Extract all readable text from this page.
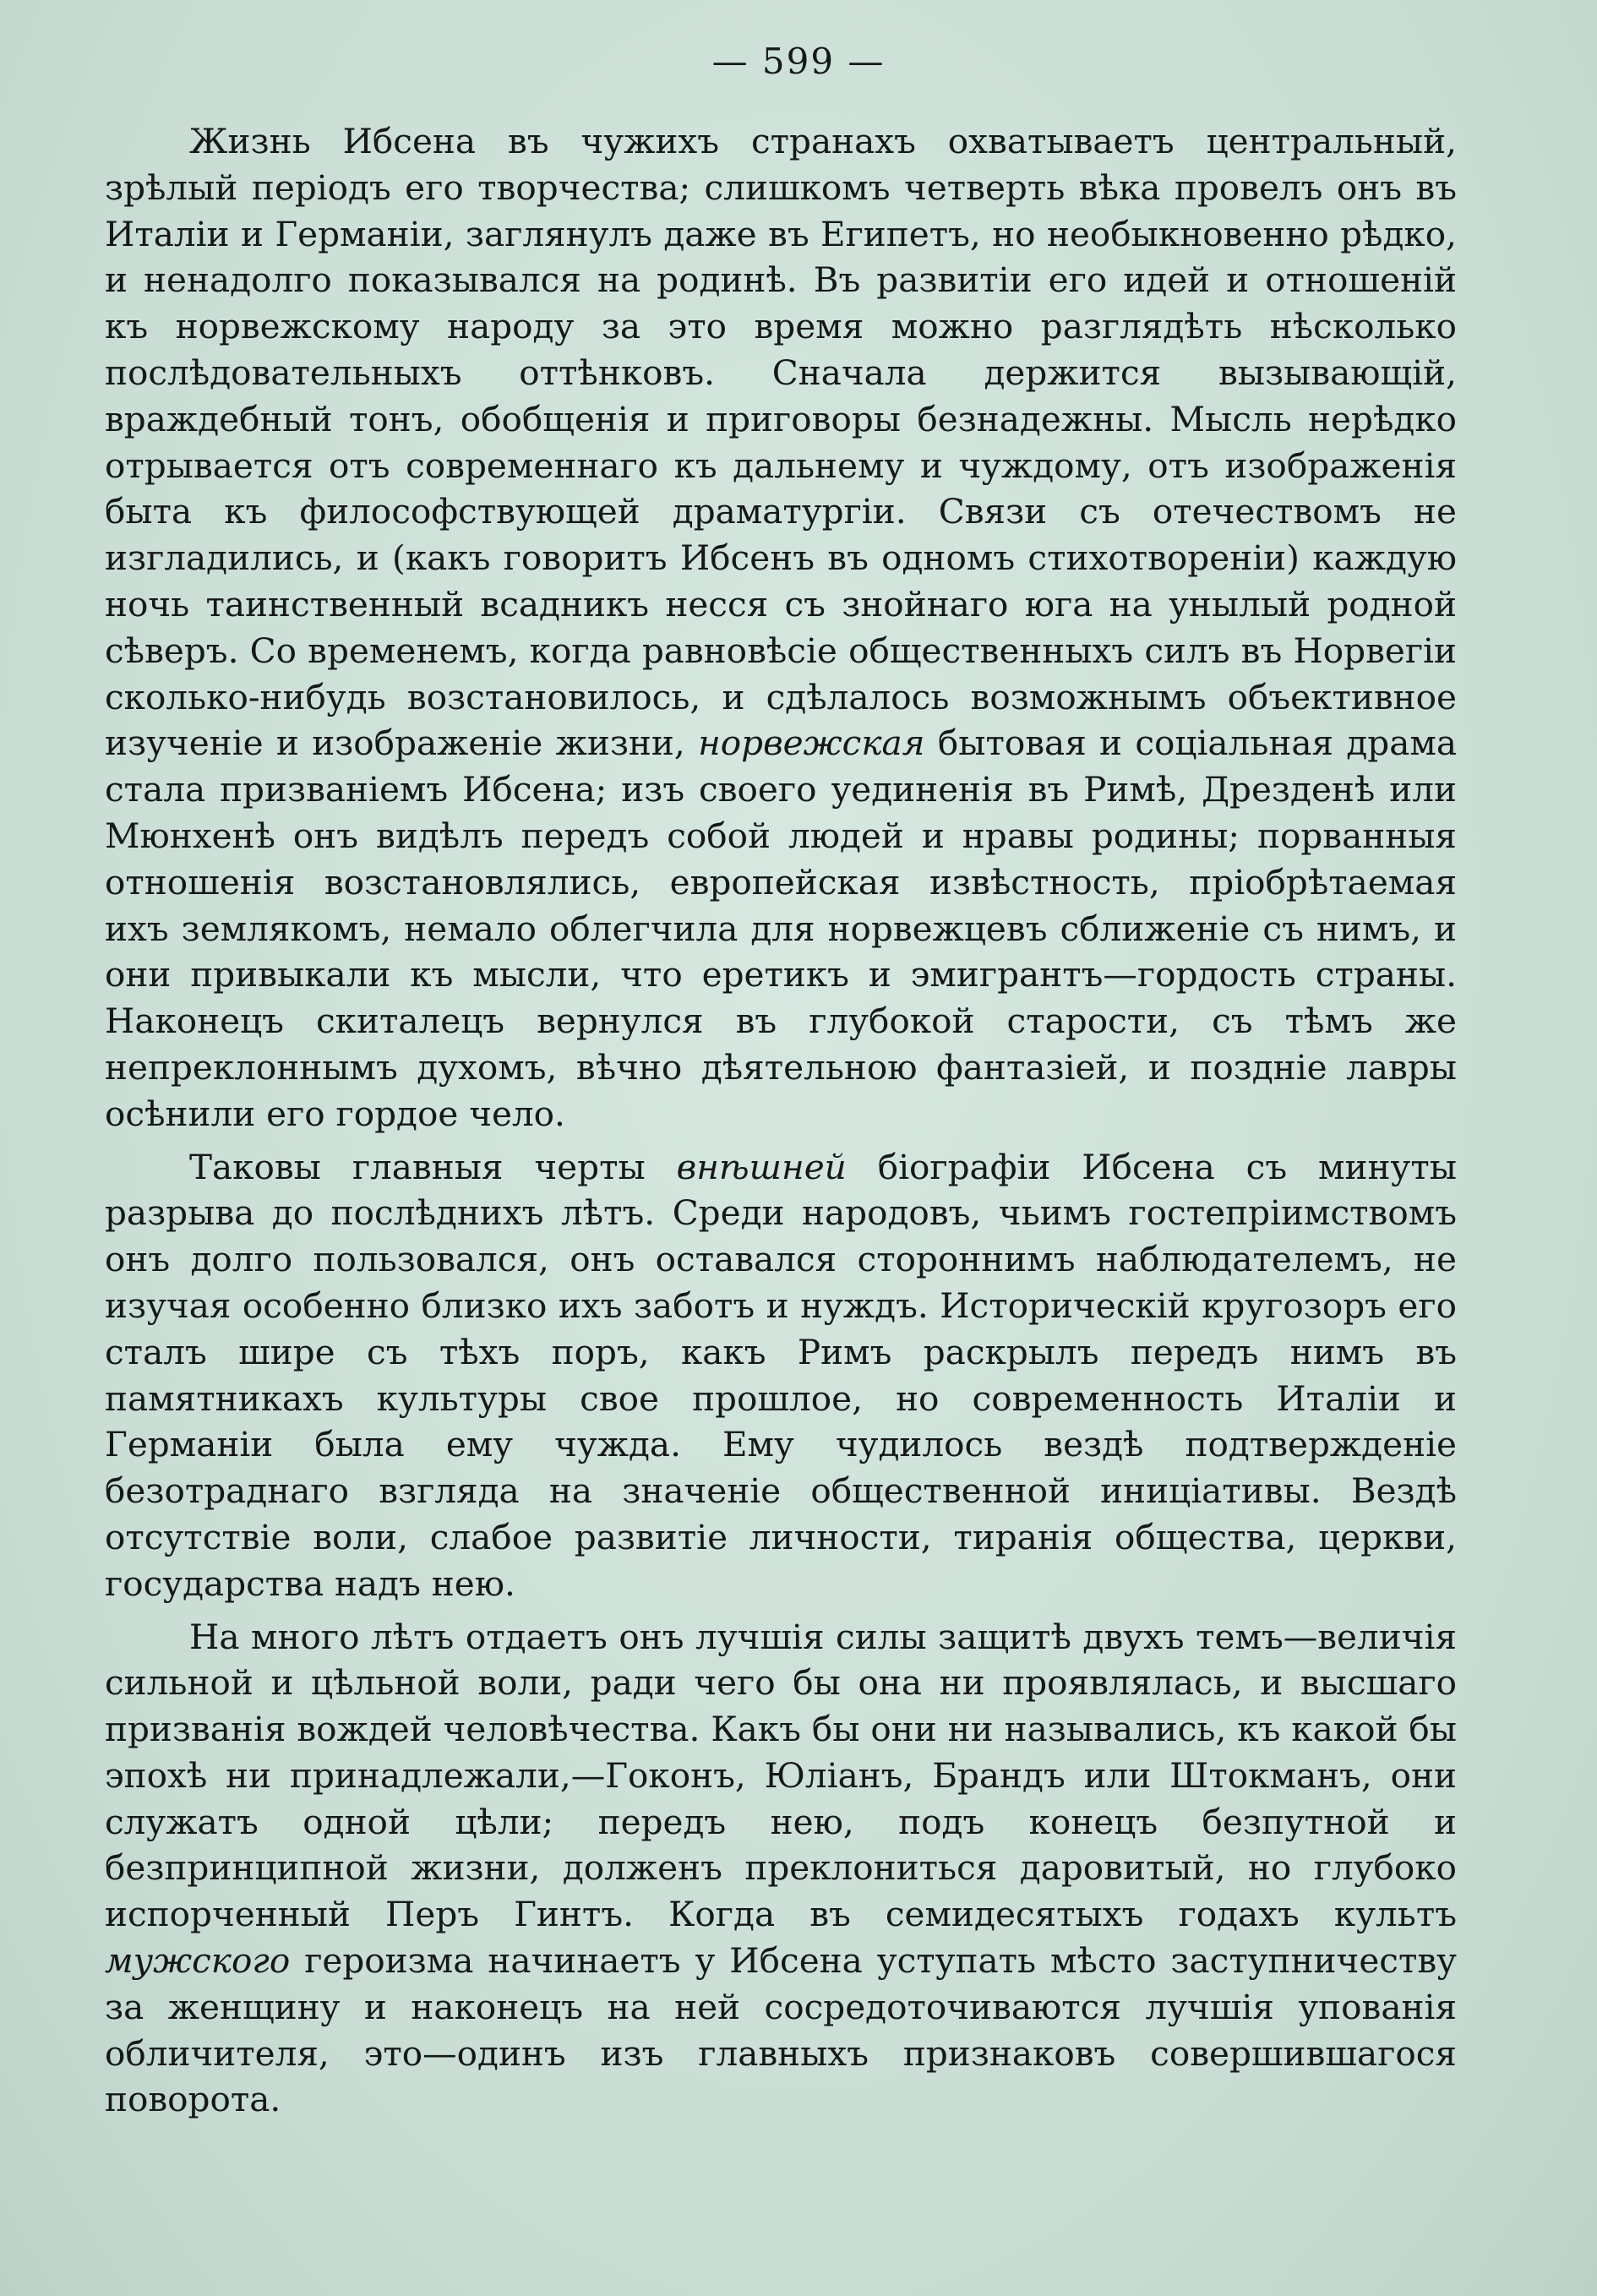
— 599 —

Жизнь Ибсена въ чужихъ странахъ охватываетъ центральный, зрѣлый періодъ его творчества; слишкомъ четверть вѣка провелъ онъ въ Италіи и Германіи, заглянулъ даже въ Египетъ, но необыкновенно рѣдко, и ненадолго показывался на родинѣ. Въ развитіи его идей и отношеній къ норвежскому народу за это время можно разглядѣть нѣсколько послѣдовательныхъ оттѣнковъ. Сначала держится вызывающій, враждебный тонъ, обобщенія и приговоры безнадежны. Мысль нерѣдко отрывается отъ современнаго къ дальнему и чуждому, отъ изображенія быта къ философствующей драматургіи. Связи съ отечествомъ не изгладились, и (какъ говоритъ Ибсенъ въ одномъ стихотвореніи) каждую ночь таинственный всадникъ несся съ знойнаго юга на унылый родной сѣверъ. Со временемъ, когда равновѣсіе общественныхъ силъ въ Норвегіи сколько-нибудь возстановилось, и сдѣлалось возможнымъ объективное изученіе и изображеніе жизни, норвежская бытовая и соціальная драма стала призваніемъ Ибсена; изъ своего уединенія въ Римѣ, Дрезденѣ или Мюнхенѣ онъ видѣлъ передъ собой людей и нравы родины; порванныя отношенія возстановлялись, европейская извѣстность, пріобрѣтаемая ихъ землякомъ, немало облегчила для норвежцевъ сближеніе съ нимъ, и они привыкали къ мысли, что еретикъ и эмигрантъ—гордость страны. Наконецъ скиталецъ вернулся въ глубокой старости, съ тѣмъ же непреклоннымъ духомъ, вѣчно дѣятельною фантазіей, и поздніе лавры осѣнили его гордое чело.

Таковы главныя черты внѣшней біографіи Ибсена съ минуты разрыва до послѣднихъ лѣтъ. Среди народовъ, чьимъ гостепріимствомъ онъ долго пользовался, онъ оставался стороннимъ наблюдателемъ, не изучая особенно близко ихъ заботъ и нуждъ. Историческій кругозоръ его сталъ шире съ тѣхъ поръ, какъ Римъ раскрылъ передъ нимъ въ памятникахъ культуры свое прошлое, но современность Италіи и Германіи была ему чужда. Ему чудилось вездѣ подтвержденіе безотраднаго взгляда на значеніе общественной иниціативы. Вездѣ отсутствіе воли, слабое развитіе личности, тиранія общества, церкви, государства надъ нею.

На много лѣтъ отдаетъ онъ лучшія силы защитѣ двухъ темъ—величія сильной и цѣльной воли, ради чего бы она ни проявлялась, и высшаго призванія вождей человѣчества. Какъ бы они ни назывались, къ какой бы эпохѣ ни принадлежали,—Гоконъ, Юліанъ, Брандъ или Штокманъ, они служатъ одной цѣли; передъ нею, подъ конецъ безпутной и безпринципной жизни, долженъ преклониться даровитый, но глубоко испорченный Перъ Гинтъ. Когда въ семидесятыхъ годахъ культъ мужского героизма начинаетъ у Ибсена уступать мѣсто заступничеству за женщину и наконецъ на ней сосредоточиваются лучшія упованія обличителя, это—одинъ изъ главныхъ признаковъ совершившагося поворота.
